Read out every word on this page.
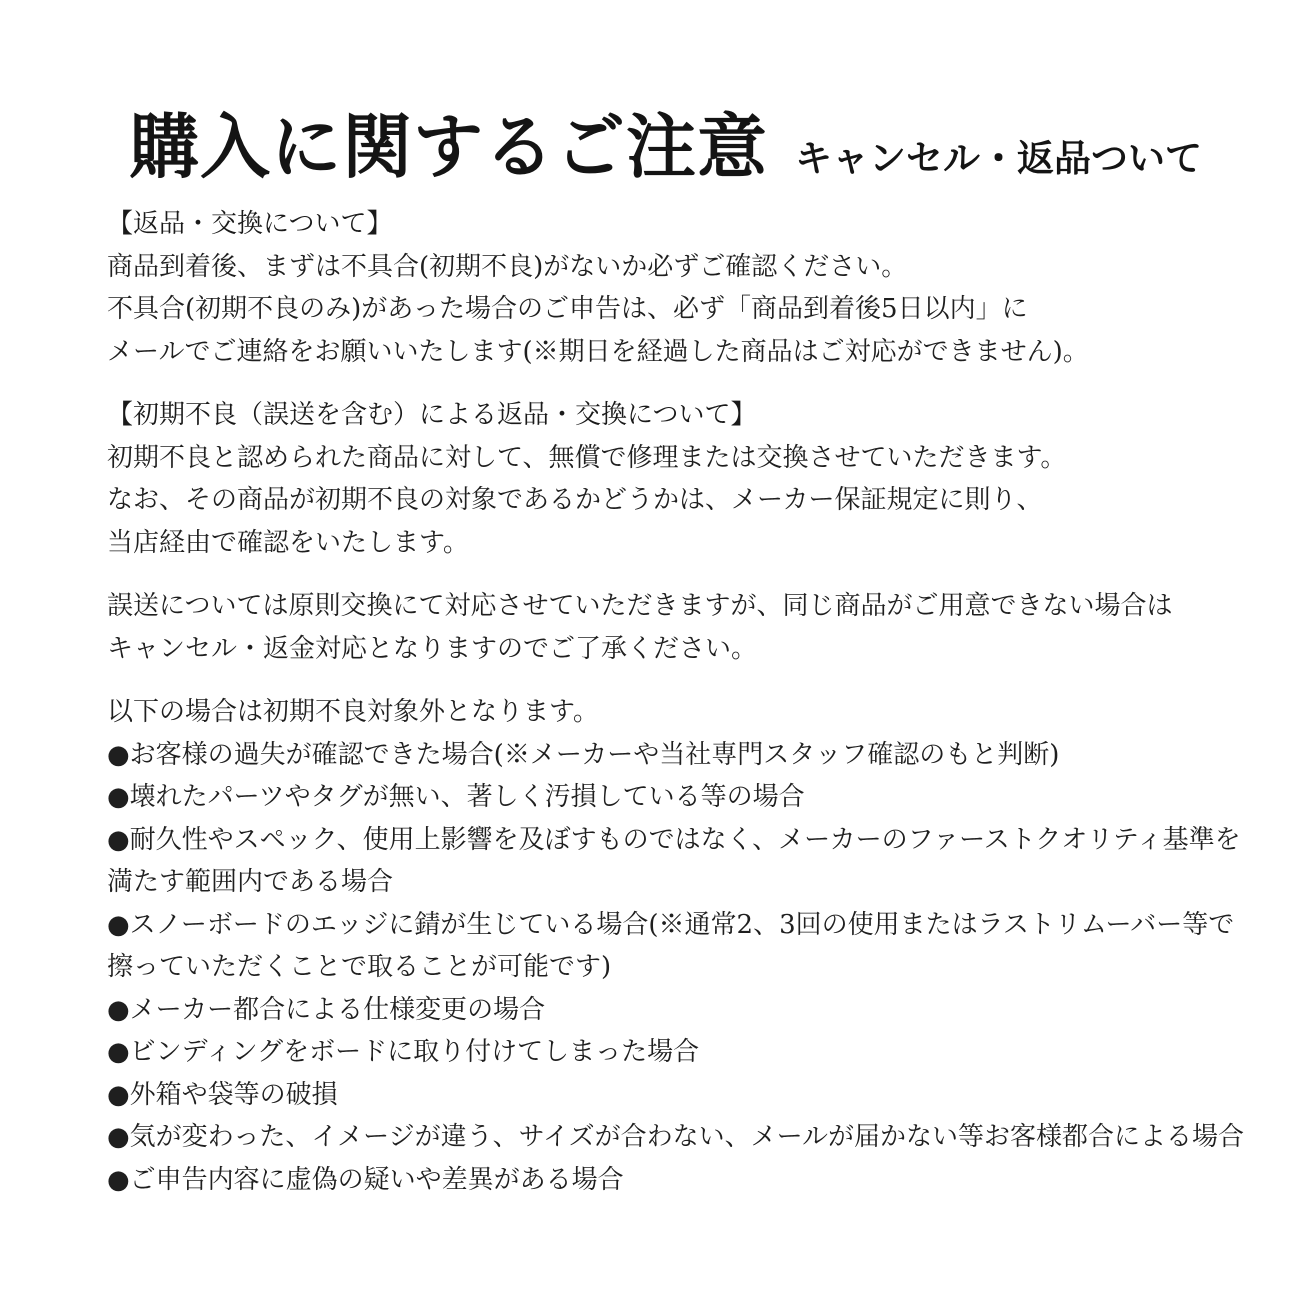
購入に関するご注意 キャンセル・返品ついて
【返品・交換について】
商品到着後、まずは不具合(初期不良)がないか必ずご確認ください。
不具合(初期不良のみ)があった場合のご申告は、必ず「商品到着後5日以内」に
メールでご連絡をお願いいたします(※期日を経過した商品はご対応ができません)。
【初期不良（誤送を含む）による返品・交換について】
初期不良と認められた商品に対して、無償で修理または交換させていただきます。
なお、その商品が初期不良の対象であるかどうかは、メーカー保証規定に則り、
当店経由で確認をいたします。
誤送については原則交換にて対応させていただきますが、同じ商品がご用意できない場合は
キャンセル・返金対応となりますのでご了承ください。
以下の場合は初期不良対象外となります。
●お客様の過失が確認できた場合(※メーカーや当社専門スタッフ確認のもと判断)
●壊れたパーツやタグが無い、著しく汚損している等の場合
●耐久性やスペック、使用上影響を及ぼすものではなく、メーカーのファーストクオリティ基準を
満たす範囲内である場合
●スノーボードのエッジに錆が生じている場合(※通常2、3回の使用またはラストリムーバー等で
擦っていただくことで取ることが可能です)
●メーカー都合による仕様変更の場合
●ビンディングをボードに取り付けてしまった場合
●外箱や袋等の破損
●気が変わった、イメージが違う、サイズが合わない、メールが届かない等お客様都合による場合
●ご申告内容に虚偽の疑いや差異がある場合
